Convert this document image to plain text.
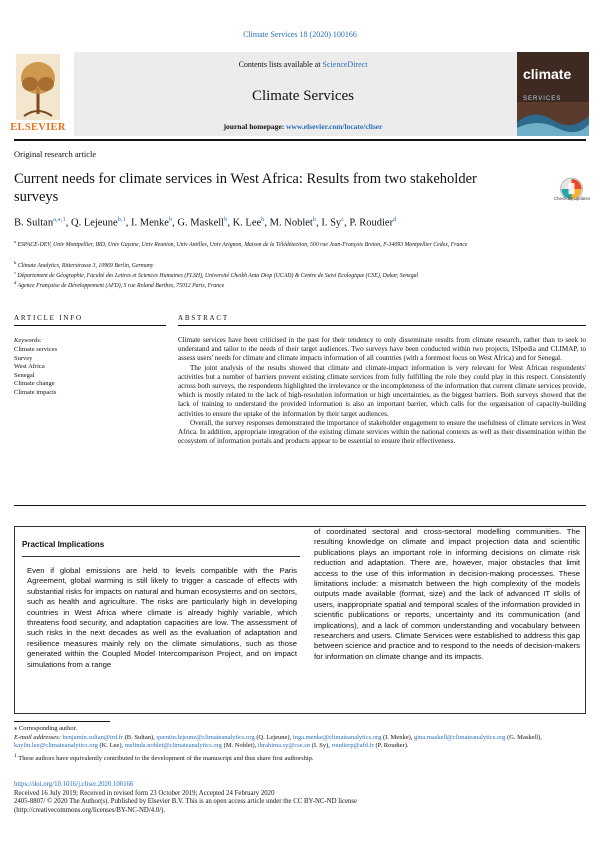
Climate Services 18 (2020) 100166
ELSEVIER
Contents lists available at ScienceDirect
Climate Services
journal homepage: www.elsevier.com/locate/cliser
climate
SERVICES
Original research article
Current needs for climate services in West Africa: Results from two stakeholder surveys	Check for updates
B. Sultan$^{a,⁎,1}$, Q. Lejeune$^{b,1}$, I. Menke$^b$, G. Maskell$^b$, K. Lee$^b$, M. Noblet$^b$, I. Sy$^c$, P. Roudier$^d$
$^a$ ESPACE-DEV, Univ Montpellier, IRD, Univ Guyane, Univ Reunion, Univ Antilles, Univ Avignon, Maison de la Télédétection, 500 rue Jean-François Breton, F-34093 Montpellier Cedex, France
$^b$ Climate Analytics, Ritterstrasse 3, 10969 Berlin, Germany
$^c$ Département de Géographie, Faculté des Lettres et Sciences Humaines (FLSH), Université Cheikh Anta Diop (UCAD) & Centre de Suivi Ecologique (CSE), Dakar, Senegal
$^d$ Agence Française de Développement (AFD), 5 rue Roland Barthes, 75012 Paris, France
ARTICLE INFO	ABSTRACT
Keywords:
Climate services
Survey
West Africa
Senegal
Climate change
Climate impacts

Climate services have been criticised in the past for their tendency to only disseminate results from climate research, rather than to seek to understand and tailor to the needs of their target audiences. Two surveys have been conducted within two projects, ISIpedia and CLIMAP, to assess users' needs for climate and climate impacts information of all countries (with a foremost focus on West Africa) and for Senegal.

The joint analysis of the results showed that climate and climate-impact information is very relevant for West African respondents' activities but a number of barriers prevent existing climate services from fully fulfilling the role they could play in this respect. Consistently across both surveys, the respondents highlighted the irrelevance or the incompleteness of the information that current climate services provide, which is mostly related to the lack of high-resolution information or high uncertainties, as the biggest barriers. Both surveys showed that the lack of training to understand the provided information is also an important barrier, which calls for the organisation of capacity-building activities to ensure the uptake of the information by their target audiences.

Overall, the survey responses demonstrated the importance of stakeholder engagement to ensure the usefulness of climate services in West Africa. In addition, appropriate integration of the existing climate services within the national contexts as well as their dissemination within the ecosystem of information portals and products appear to be essential to ensure their effectiveness.

Practical Implications
Even if global emissions are held to levels compatible with the Paris Agreement, global warming is still likely to trigger a cascade of effects with substantial risks for impacts on natural and human ecosystems and on sectors, such as health and agriculture. The risks are particularly high in developing countries in West Africa where climate is already highly variable, which threatens food security, and adaptation capacities are low. The assessment of such risks in the next decades as well as the evaluation of adaptation and resilience measures mainly rely on the climate simulations, such as those generated within the Coupled Model Intercomparison Project, and on impact simulations from a range
of coordinated sectoral and cross-sectoral modelling communities. The resulting knowledge on climate and impact projection data and scientific publications plays an important role in informing decisions on climate risk reduction and adaptation. There are, however, major obstacles that limit access to the use of this information in decision-making processes. These limitations include: a mismatch between the high complexity of the models outputs made available (format, size) and the lack of advanced IT skills of users, inappropriate spatial and temporal scales of the information provided in scientific publications or reports, uncertainty and its communication (and implications), and a lack of common understanding and vocabulary between researchers and users. Climate Services were established to address this gap between science and practice and to respond to the needs of decision-makers for information on climate change and its impacts.
⁎ Corresponding author.
E-mail addresses: benjamin.sultan@ird.fr (B. Sultan), quentin.lejeune@climateanalytics.org (Q. Lejeune), inga.menke@climateanalytics.org (I. Menke), gina.maskell@climateanalytics.org (G. Maskell), kaylin.lee@climateanalytics.org (K. Lee), melinda.noblet@climateanalytics.org (M. Noblet), ibrahima.sy@cse.sn (I. Sy), roudierp@afd.fr (P. Roudier).
$^1$ These authors have equivalently contributed to the development of the manuscript and thus share first authorship.
https://doi.org/10.1016/j.cliser.2020.100166
Received 16 July 2019; Received in revised form 23 October 2019; Accepted 24 February 2020
2405-8807/ © 2020 The Author(s). Published by Elsevier B.V. This is an open access article under the CC BY-NC-ND license
(http://creativecommons.org/licenses/BY-NC-ND/4.0/).
